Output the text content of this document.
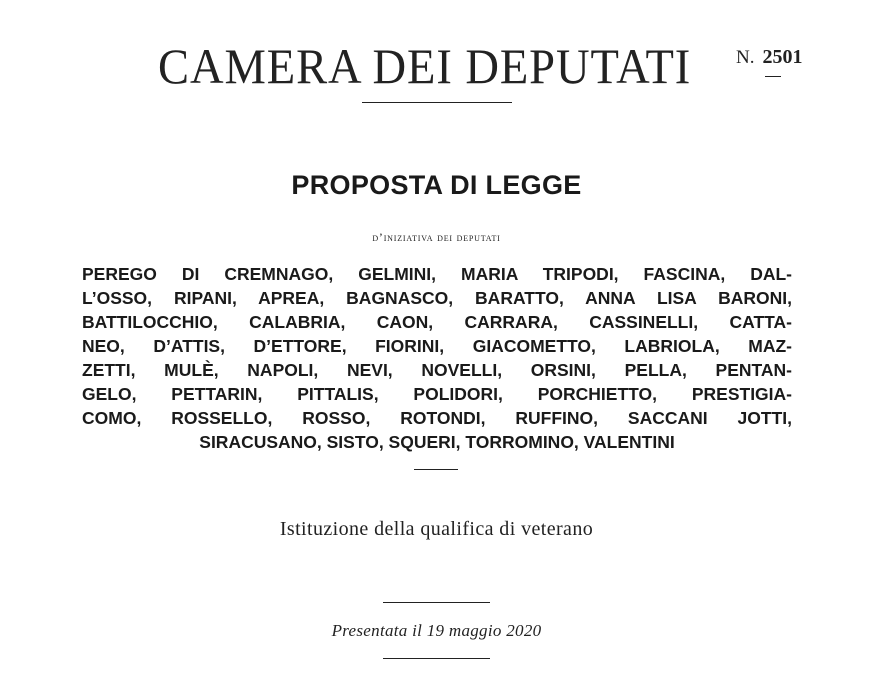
CAMERA DEI DEPUTATI N. 2501
PROPOSTA DI LEGGE
d’iniziativa dei deputati
PEREGO DI CREMNAGO, GELMINI, MARIA TRIPODI, FASCINA, DAL-
L’OSSO, RIPANI, APREA, BAGNASCO, BARATTO, ANNA LISA BARONI,
BATTILOCCHIO, CALABRIA, CAON, CARRARA, CASSINELLI, CATTA-
NEO, D’ATTIS, D’ETTORE, FIORINI, GIACOMETTO, LABRIOLA, MAZ-
ZETTI, MULÈ, NAPOLI, NEVI, NOVELLI, ORSINI, PELLA, PENTAN-
GELO, PETTARIN, PITTALIS, POLIDORI, PORCHIETTO, PRESTIGIA-
COMO, ROSSELLO, ROSSO, ROTONDI, RUFFINO, SACCANI JOTTI,
SIRACUSANO, SISTO, SQUERI, TORROMINO, VALENTINI
Istituzione della qualifica di veterano
Presentata il 19 maggio 2020
